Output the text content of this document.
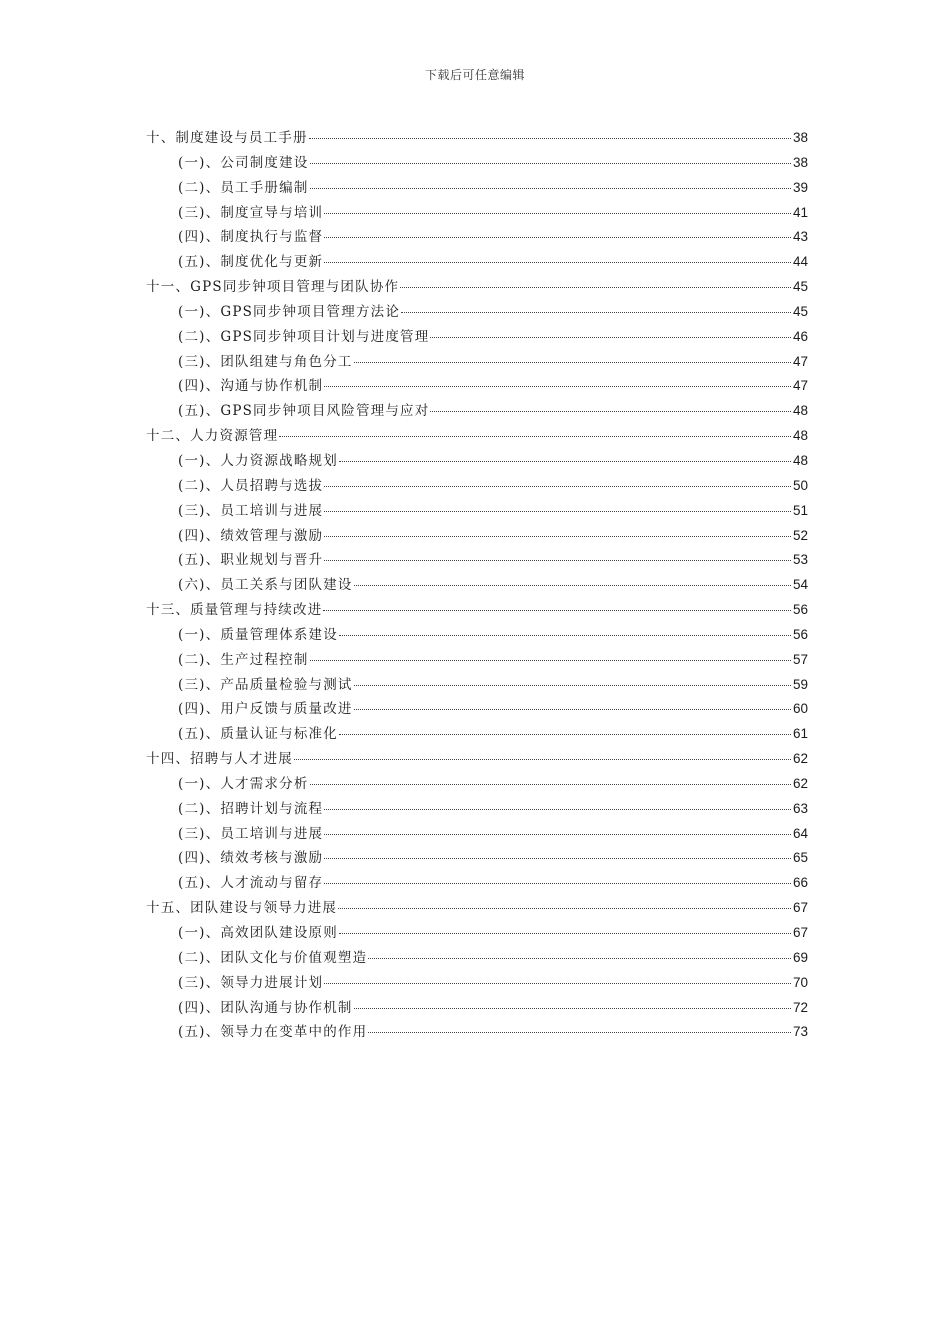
下载后可任意编辑
十、制度建设与员工手册	38
(一)、公司制度建设	38
(二)、员工手册编制	39
(三)、制度宣导与培训	41
(四)、制度执行与监督	43
(五)、制度优化与更新	44
十一、GPS同步钟项目管理与团队协作	45
(一)、GPS同步钟项目管理方法论	45
(二)、GPS同步钟项目计划与进度管理	46
(三)、团队组建与角色分工	47
(四)、沟通与协作机制	47
(五)、GPS同步钟项目风险管理与应对	48
十二、人力资源管理	48
(一)、人力资源战略规划	48
(二)、人员招聘与选拔	50
(三)、员工培训与进展	51
(四)、绩效管理与激励	52
(五)、职业规划与晋升	53
(六)、员工关系与团队建设	54
十三、质量管理与持续改进	56
(一)、质量管理体系建设	56
(二)、生产过程控制	57
(三)、产品质量检验与测试	59
(四)、用户反馈与质量改进	60
(五)、质量认证与标准化	61
十四、招聘与人才进展	62
(一)、人才需求分析	62
(二)、招聘计划与流程	63
(三)、员工培训与进展	64
(四)、绩效考核与激励	65
(五)、人才流动与留存	66
十五、团队建设与领导力进展	67
(一)、高效团队建设原则	67
(二)、团队文化与价值观塑造	69
(三)、领导力进展计划	70
(四)、团队沟通与协作机制	72
(五)、领导力在变革中的作用	73
